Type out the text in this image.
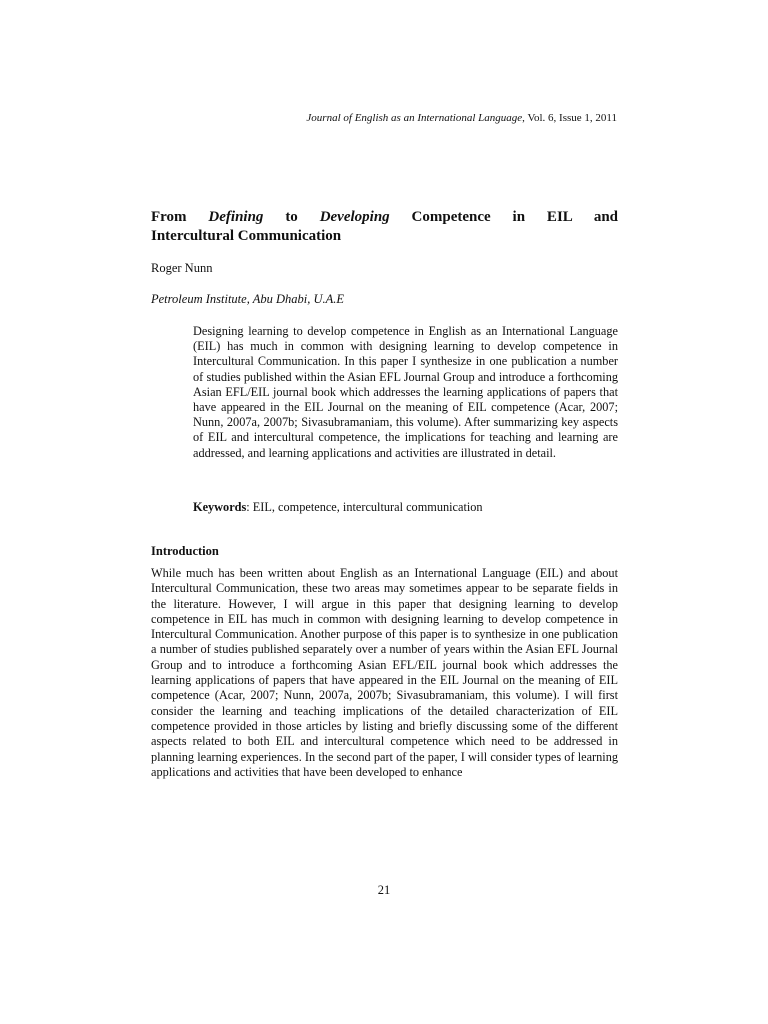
Journal of English as an International Language, Vol. 6, Issue 1, 2011
From Defining to Developing Competence in EIL and
Intercultural Communication
Roger Nunn
Petroleum Institute, Abu Dhabi, U.A.E

Designing learning to develop competence in English as an International Language (EIL) has much in common with designing learning to develop competence in Intercultural Communication. In this paper I synthesize in one publication a number of studies published within the Asian EFL Journal Group and introduce a forthcoming Asian EFL/EIL journal book which addresses the learning applications of papers that have appeared in the EIL Journal on the meaning of EIL competence (Acar, 2007; Nunn, 2007a, 2007b; Sivasubramaniam, this volume). After summarizing key aspects of EIL and intercultural competence, the implications for teaching and learning are addressed, and learning applications and activities are illustrated in detail.

Keywords: EIL, competence, intercultural communication
Introduction

While much has been written about English as an International Language (EIL) and about Intercultural Communication, these two areas may sometimes appear to be separate fields in the literature. However, I will argue in this paper that designing learning to develop competence in EIL has much in common with designing learning to develop competence in Intercultural Communication. Another purpose of this paper is to synthesize in one publication a number of studies published separately over a number of years within the Asian EFL Journal Group and to introduce a forthcoming Asian EFL/EIL journal book which addresses the learning applications of papers that have appeared in the EIL Journal on the meaning of EIL competence (Acar, 2007; Nunn, 2007a, 2007b; Sivasubramaniam, this volume). I will first consider the learning and teaching implications of the detailed characterization of EIL competence provided in those articles by listing and briefly discussing some of the different aspects related to both EIL and intercultural competence which need to be addressed in planning learning experiences. In the second part of the paper, I will consider types of learning applications and activities that have been developed to enhance

21
